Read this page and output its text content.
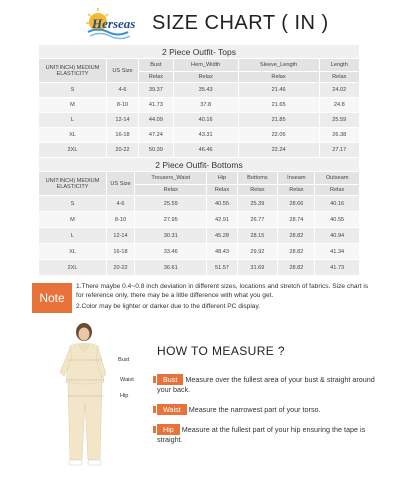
Herseas SIZE CHART ( IN )
2 Piece Outfit- Tops					
UNIT:INCH) MEDIUM ELASTICITY	US Size	Bust	Hem_Width	Sleeve_Length	Length
		Relax	Relax	Relax	Relax
S	4-6	39.37	35.43	21.46	24.02
M	8-10	41.73	37.8	21.65	24.8
L	12-14	44.09	40.16	21.85	25.59
XL	16-18	47.24	43.31	22.05	26.38
2XL	20-22	50.39	46.46	22.24	27.17
2 Piece Outfit- Bottoms						
UNIT:INCH) MEDIUM ELASTICITY	US Size	Trousers_Waist	Hip	Bottoms	Inseam	Outseam
		Relax	Relax	Relax	Relax	Relax
S	4-6	25.59	40.55	25.39	28.66	40.16
M	8-10	27.95	42.91	26.77	28.74	40.55
L	12-14	30.31	45.28	28.15	28.82	40.94
XL	16-18	33.46	48.43	29.92	28.82	41.34
2XL	20-22	36.61	51.57	31.69	28.82	41.73
Note
1.There maybe 0.4~0.8 inch deviation in different sizes, locations and stretch of fabrics. Size chart is for reference only, there may be a little difference with what you get.
2.Color may be lighter or darker due to the different PC display.
Bust
Waist
Hip
HOW TO MEASURE ?
Bust Measure over the fullest area of your bust & straight around your back.
Waist Measure the narrowest part of your torso.
Hip Measure at the fullest part of your hip ensuring the tape is straight.
